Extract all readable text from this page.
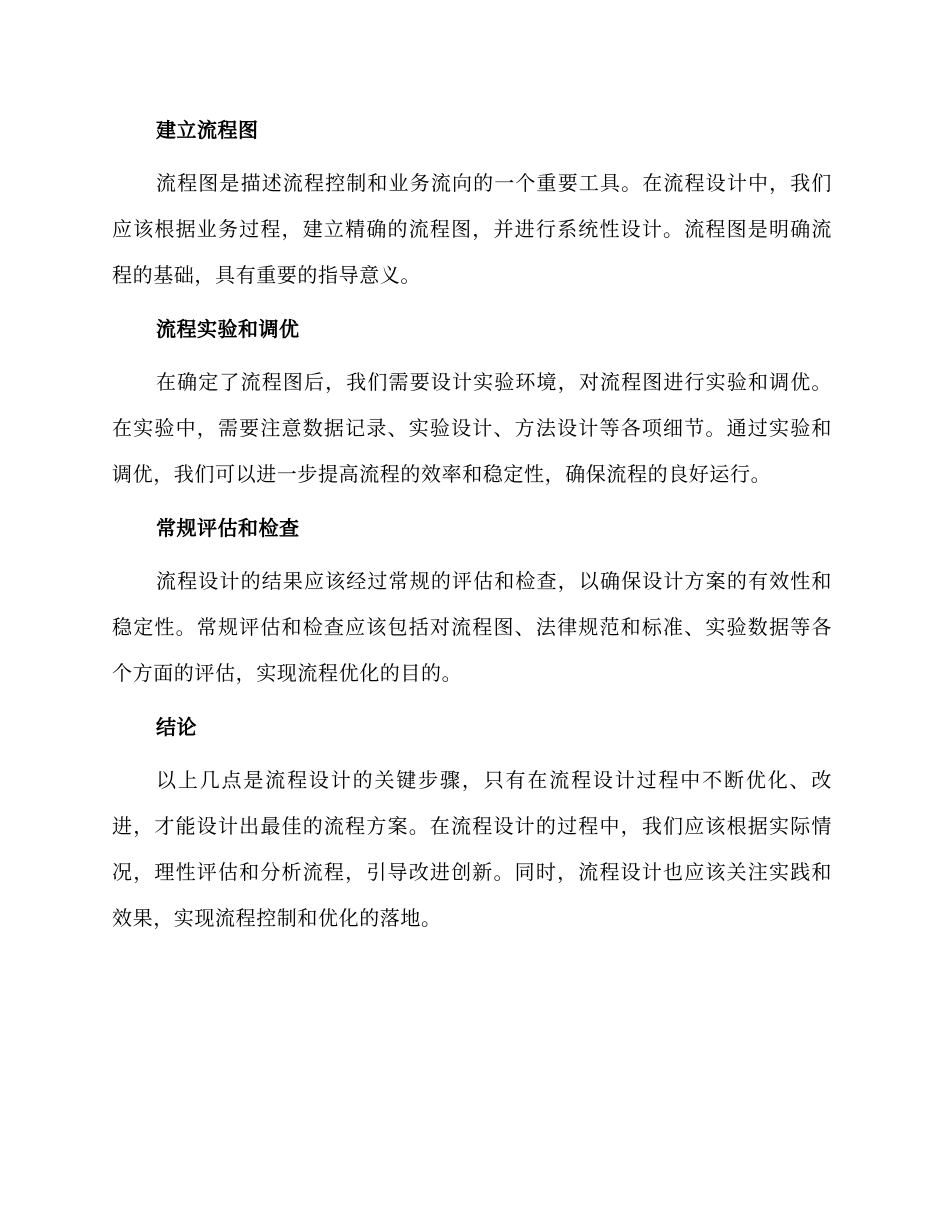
建立流程图

流程图是描述流程控制和业务流向的一个重要工具。在流程设计中，我们应该根据业务过程，建立精确的流程图，并进行系统性设计。流程图是明确流程的基础，具有重要的指导意义。

流程实验和调优

在确定了流程图后，我们需要设计实验环境，对流程图进行实验和调优。在实验中，需要注意数据记录、实验设计、方法设计等各项细节。通过实验和调优，我们可以进一步提高流程的效率和稳定性，确保流程的良好运行。

常规评估和检查

流程设计的结果应该经过常规的评估和检查，以确保设计方案的有效性和稳定性。常规评估和检查应该包括对流程图、法律规范和标准、实验数据等各个方面的评估，实现流程优化的目的。

结论

以上几点是流程设计的关键步骤，只有在流程设计过程中不断优化、改进，才能设计出最佳的流程方案。在流程设计的过程中，我们应该根据实际情况，理性评估和分析流程，引导改进创新。同时，流程设计也应该关注实践和效果，实现流程控制和优化的落地。
